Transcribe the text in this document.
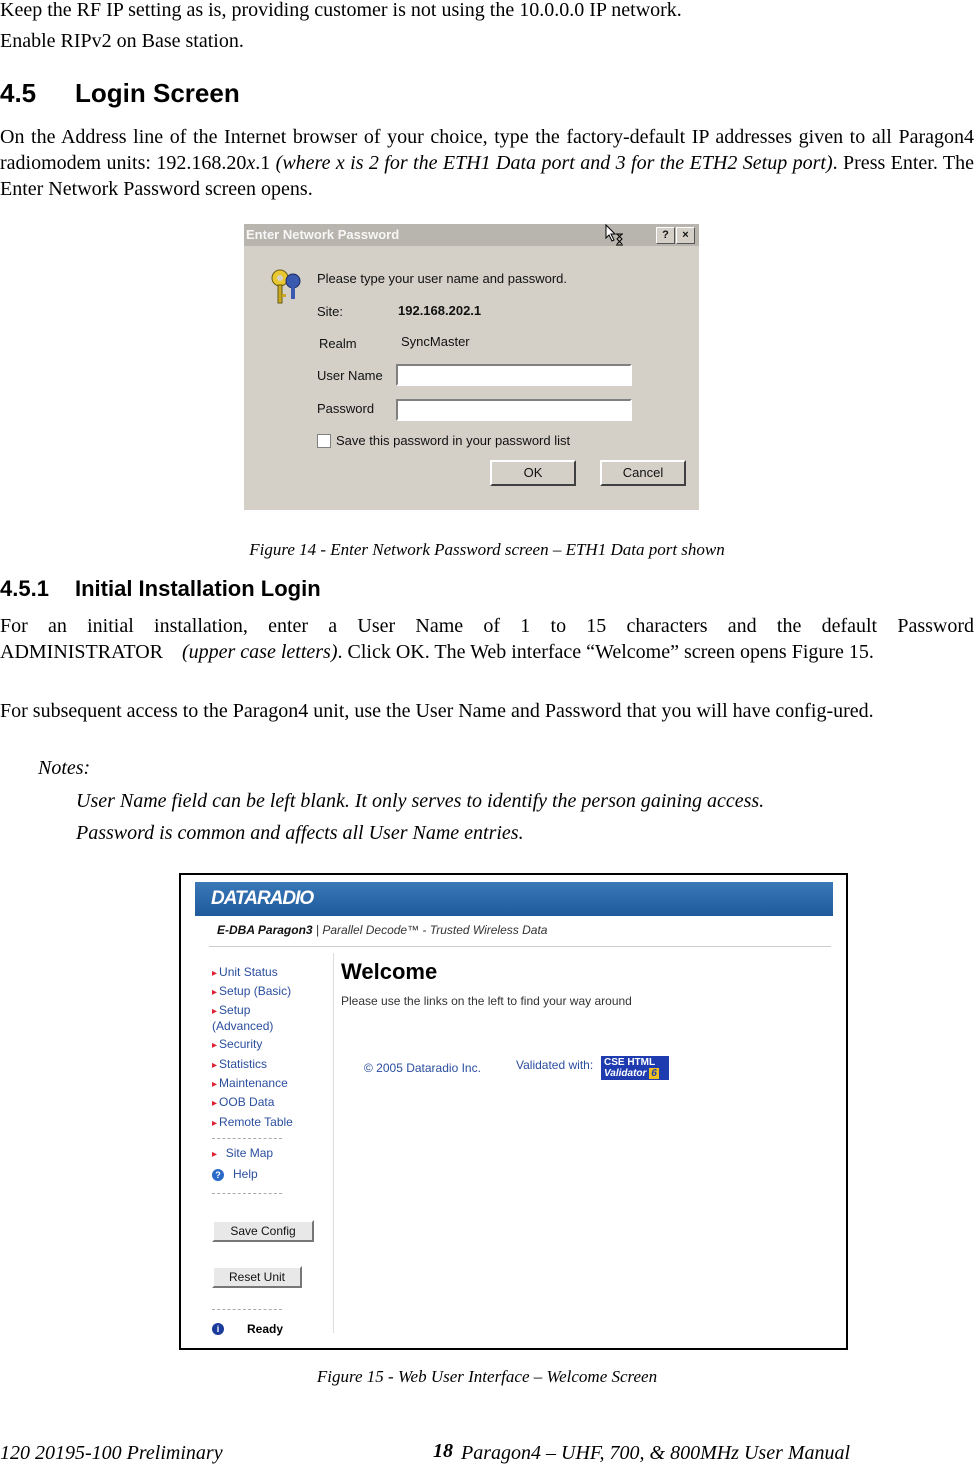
Keep the RF IP setting as is, providing customer is not using the 10.0.0.0 IP network.
Enable RIPv2 on Base station.
4.5 Login Screen
On the Address line of the Internet browser of your choice, type the factory-default IP addresses given to all Paragon4 radiomodem units: 192.168.20x.1 (where x is 2 for the ETH1 Data port and 3 for the ETH2 Setup port). Press Enter. The Enter Network Password screen opens.
Enter Network Password	?	×
Please type your user name and password.
Site:	192.168.202.1
Realm	SyncMaster
User Name
Password
Save this password in your password list
OK	Cancel
Figure 14 - Enter Network Password screen – ETH1 Data port shown
4.5.1 Initial Installation Login
For an initial installation, enter a User Name of 1 to 15 characters and the default Password ADMINISTRATOR (upper case letters). Click OK. The Web interface “Welcome” screen opens Figure 15.
For subsequent access to the Paragon4 unit, use the User Name and Password that you will have config-ured.
Notes:
User Name field can be left blank. It only serves to identify the person gaining access.
Password is common and affects all User Name entries.
DATARADIO
E-DBA Paragon3 | Parallel Decode™ - Trusted Wireless Data
▸ Unit Status
▸ Setup (Basic)
▸ Setup (Advanced)
▸ Security
▸ Statistics
▸ Maintenance
▸ OOB Data
▸ Remote Table
▸ Site Map
? Help
Save Config
Reset Unit
i	Ready
Welcome
Please use the links on the left to find your way around
© 2005 Dataradio Inc.	Validated with: CSE HTML
Validator 6
Figure 15 - Web User Interface – Welcome Screen
120 20195-100 Preliminary	18 Paragon4 – UHF, 700, & 800MHz User Manual
